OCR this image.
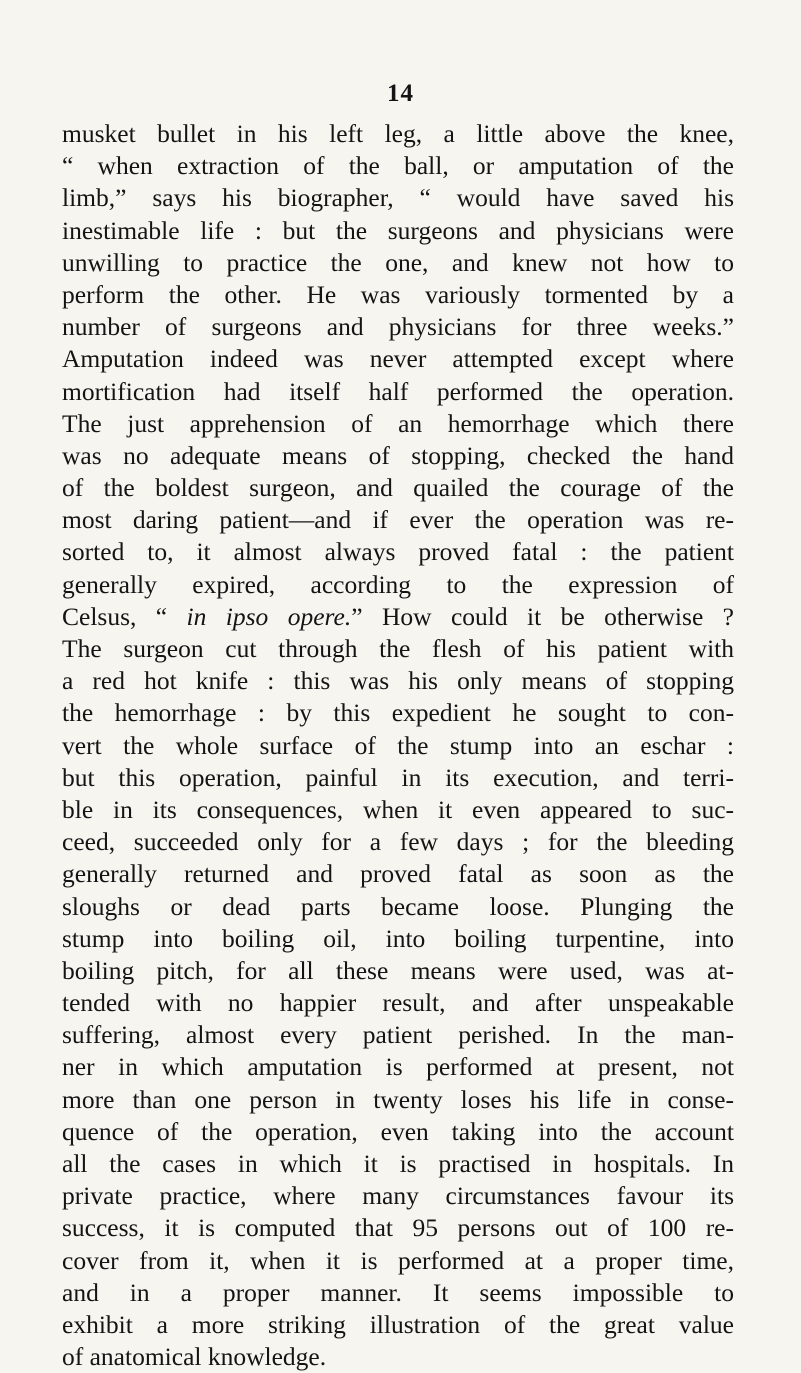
14
musket bullet in his left leg, a little above the knee,
“ when extraction of the ball, or amputation of the
limb,” says his biographer, “ would have saved his
inestimable life : but the surgeons and physicians were
unwilling to practice the one, and knew not how to
perform the other. He was variously tormented by a
number of surgeons and physicians for three weeks.”
Amputation indeed was never attempted except where
mortification had itself half performed the operation.
The just apprehension of an hemorrhage which there
was no adequate means of stopping, checked the hand
of the boldest surgeon, and quailed the courage of the
most daring patient—and if ever the operation was re-
sorted to, it almost always proved fatal : the patient
generally expired, according to the expression of
Celsus, “ in ipso opere.” How could it be otherwise ?
The surgeon cut through the flesh of his patient with
a red hot knife : this was his only means of stopping
the hemorrhage : by this expedient he sought to con-
vert the whole surface of the stump into an eschar :
but this operation, painful in its execution, and terri-
ble in its consequences, when it even appeared to suc-
ceed, succeeded only for a few days ; for the bleeding
generally returned and proved fatal as soon as the
sloughs or dead parts became loose. Plunging the
stump into boiling oil, into boiling turpentine, into
boiling pitch, for all these means were used, was at-
tended with no happier result, and after unspeakable
suffering, almost every patient perished. In the man-
ner in which amputation is performed at present, not
more than one person in twenty loses his life in conse-
quence of the operation, even taking into the account
all the cases in which it is practised in hospitals. In
private practice, where many circumstances favour its
success, it is computed that 95 persons out of 100 re-
cover from it, when it is performed at a proper time,
and in a proper manner. It seems impossible to
exhibit a more striking illustration of the great value
of anatomical knowledge.
